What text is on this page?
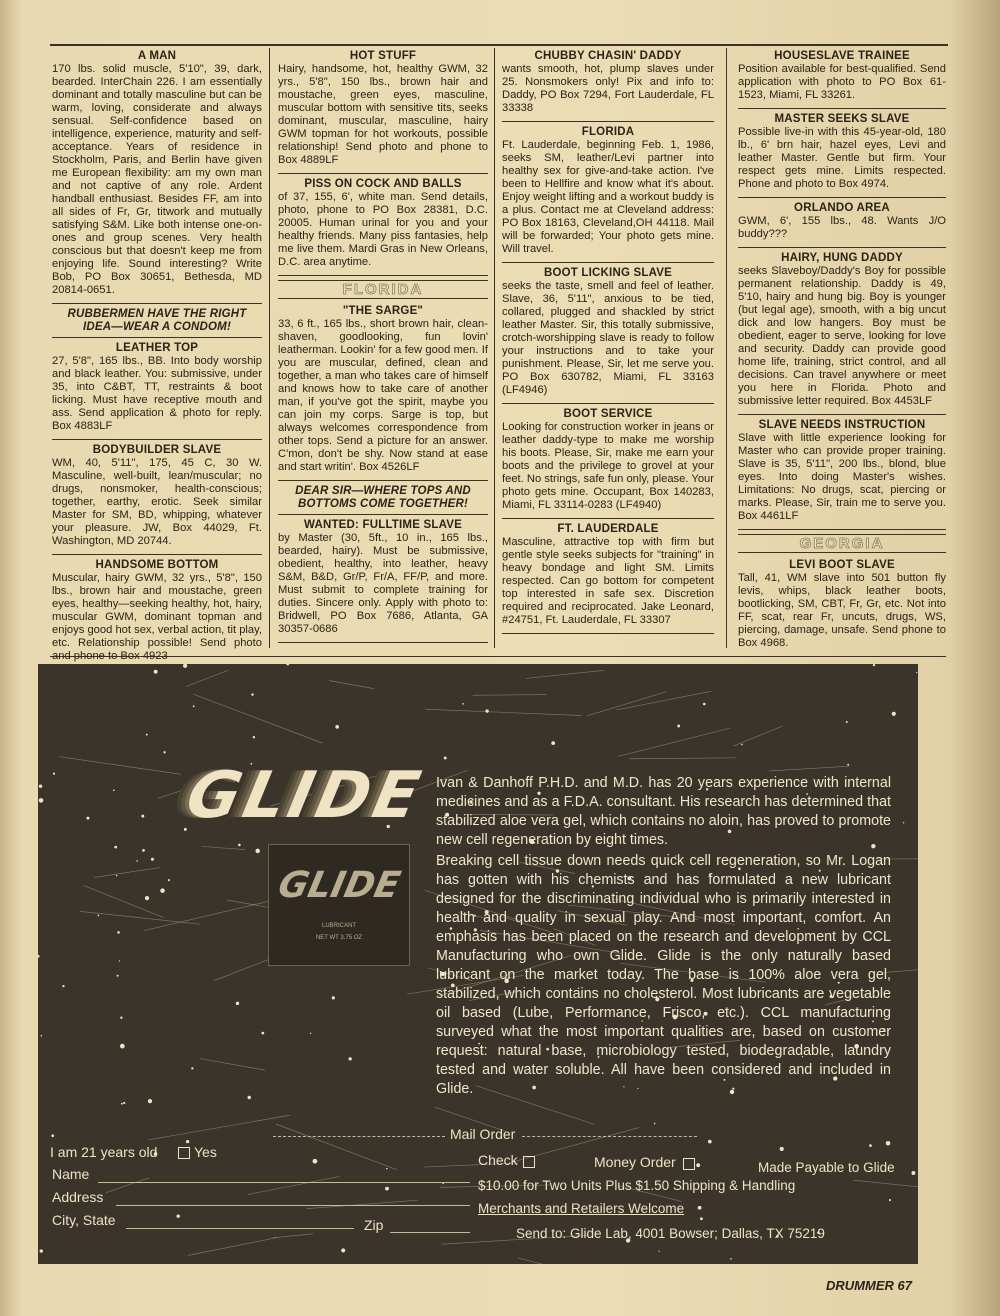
A MAN

170 lbs. solid muscle, 5'10", 39, dark, bearded. InterChain 226. I am essentially dominant and totally masculine but can be warm, loving, considerate and always sensual. Self-confidence based on intelligence, experience, maturity and self-acceptance. Years of residence in Stockholm, Paris, and Berlin have given me European flexibility: am my own man and not captive of any role. Ardent handball enthusiast. Besides FF, am into all sides of Fr, Gr, titwork and mutually satisfying S&M. Like both intense one-on-ones and group scenes. Very health conscious but that doesn't keep me from enjoying life. Sound interesting? Write Bob, PO Box 30651, Bethesda, MD 20814-0651.

RUBBERMEN HAVE THE RIGHT IDEA—WEAR A CONDOM!
LEATHER TOP

27, 5'8", 165 lbs., BB. Into body worship and black leather. You: submissive, under 35, into C&BT, TT, restraints & boot licking. Must have receptive mouth and ass. Send application & photo for reply. Box 4883LF

BODYBUILDER SLAVE

WM, 40, 5'11", 175, 45 C, 30 W. Masculine, well-built, lean/muscular; no drugs, nonsmoker, health-conscious; together, earthy, erotic. Seek similar Master for SM, BD, whipping, whatever your pleasure. JW, Box 44029, Ft. Washington, MD 20744.

HANDSOME BOTTOM

Muscular, hairy GWM, 32 yrs., 5'8", 150 lbs., brown hair and moustache, green eyes, healthy—seeking healthy, hot, hairy, muscular GWM, dominant topman and enjoys good hot sex, verbal action, tit play, etc. Relationship possible! Send photo and phone to Box 4923

HOT STUFF

Hairy, handsome, hot, healthy GWM, 32 yrs., 5'8", 150 lbs., brown hair and moustache, green eyes, masculine, muscular bottom with sensitive tits, seeks dominant, muscular, masculine, hairy GWM topman for hot workouts, possible relationship! Send photo and phone to Box 4889LF

PISS ON COCK AND BALLS

of 37, 155, 6', white man. Send details, photo, phone to PO Box 28381, D.C. 20005. Human urinal for you and your healthy friends. Many piss fantasies, help me live them. Mardi Gras in New Orleans, D.C. area anytime.

FLORIDA
"THE SARGE"

33, 6 ft., 165 lbs., short brown hair, clean-shaven, goodlooking, fun lovin' leatherman. Lookin' for a few good men. If you are muscular, defined, clean and together, a man who takes care of himself and knows how to take care of another man, if you've got the spirit, maybe you can join my corps. Sarge is top, but always welcomes correspondence from other tops. Send a picture for an answer. C'mon, don't be shy. Now stand at ease and start writin'. Box 4526LF

DEAR SIR—WHERE TOPS AND BOTTOMS COME TOGETHER!
WANTED: FULLTIME SLAVE

by Master (30, 5ft., 10 in., 165 lbs., bearded, hairy). Must be submissive, obedient, healthy, into leather, heavy S&M, B&D, Gr/P, Fr/A, FF/P, and more. Must submit to complete training for duties. Sincere only. Apply with photo to: Bridwell, PO Box 7686, Atlanta, GA 30357-0686

CHUBBY CHASIN' DADDY

wants smooth, hot, plump slaves under 25. Nonsmokers only! Pix and info to: Daddy, PO Box 7294, Fort Lauderdale, FL 33338

FLORIDA

Ft. Lauderdale, beginning Feb. 1, 1986, seeks SM, leather/Levi partner into healthy sex for give-and-take action. I've been to Hellfire and know what it's about. Enjoy weight lifting and a workout buddy is a plus. Contact me at Cleveland address: PO Box 18163, Cleveland,OH 44118. Mail will be forwarded; Your photo gets mine. Will travel.

BOOT LICKING SLAVE

seeks the taste, smell and feel of leather. Slave, 36, 5'11", anxious to be tied, collared, plugged and shackled by strict leather Master. Sir, this totally submissive, crotch-worshipping slave is ready to follow your instructions and to take your punishment. Please, Sir, let me serve you. PO Box 630782, Miami, FL 33163 (LF4946)

BOOT SERVICE

Looking for construction worker in jeans or leather daddy-type to make me worship his boots. Please, Sir, make me earn your boots and the privilege to grovel at your feet. No strings, safe fun only, please. Your photo gets mine. Occupant, Box 140283, Miami, FL 33114-0283 (LF4940)

FT. LAUDERDALE

Masculine, attractive top with firm but gentle style seeks subjects for "training" in heavy bondage and light SM. Limits respected. Can go bottom for competent top interested in safe sex. Discretion required and reciprocated. Jake Leonard, #24751, Ft. Lauderdale, FL 33307

HOUSESLAVE TRAINEE

Position available for best-qualified. Send application with photo to PO Box 61-1523, Miami, FL 33261.

MASTER SEEKS SLAVE

Possible live-in with this 45-year-old, 180 lb., 6' brn hair, hazel eyes, Levi and leather Master. Gentle but firm. Your respect gets mine. Limits respected. Phone and photo to Box 4974.

ORLANDO AREA

GWM, 6', 155 lbs., 48. Wants J/O buddy???

HAIRY, HUNG DADDY

seeks Slaveboy/Daddy's Boy for possible permanent relationship. Daddy is 49, 5'10, hairy and hung big. Boy is younger (but legal age), smooth, with a big uncut dick and low hangers. Boy must be obedient, eager to serve, looking for love and security. Daddy can provide good home life, training, strict control, and all decisions. Can travel anywhere or meet you here in Florida. Photo and submissive letter required. Box 4453LF

SLAVE NEEDS INSTRUCTION

Slave with little experience looking for Master who can provide proper training. Slave is 35, 5'11", 200 lbs., blond, blue eyes. Into doing Master's wishes. Limitations: No drugs, scat, piercing or marks. Please, Sir, train me to serve you. Box 4461LF

GEORGIA
LEVI BOOT SLAVE

Tall, 41, WM slave into 501 button fly levis, whips, black leather boots, bootlicking, SM, CBT, Fr, Gr, etc. Not into FF, scat, rear Fr, uncuts, drugs, WS, piercing, damage, unsafe. Send phone to Box 4968.

GLIDE
GLIDE
LUBRICANT
NET WT 3.75 OZ

Ivan & Danhoff P.H.D. and M.D. has 20 years experience with internal medicines and as a F.D.A. consultant. His research has determined that stabilized aloe vera gel, which contains no aloin, has proved to promote new cell regeneration by eight times.

Breaking cell tissue down needs quick cell regeneration, so Mr. Logan has gotten with his chemists and has formulated a new lubricant designed for the discriminating individual who is primarily interested in health and quality in sexual play. And most important, comfort. An emphasis has been placed on the research and development by CCL Manufacturing who own Glide. Glide is the only naturally based lubricant on the market today. The base is 100% aloe vera gel, stabilized, which contains no cholesterol. Most lubricants are vegetable oil based (Lube, Performance, Frisco, etc.). CCL manufacturing surveyed what the most important qualities are, based on customer request: natural base, microbiology tested, biodegradable, laundry tested and water soluble. All have been considered and included in Glide.

Mail Order
I am 21 years old	Yes
Name
Address
City, State	Zip
Check	Money Order	Made Payable to Glide
$10.00 for Two Units Plus $1.50 Shipping & Handling
Merchants and Retailers Welcome
Send to: Glide Lab, 4001 Bowser; Dallas, TX 75219
DRUMMER 67
